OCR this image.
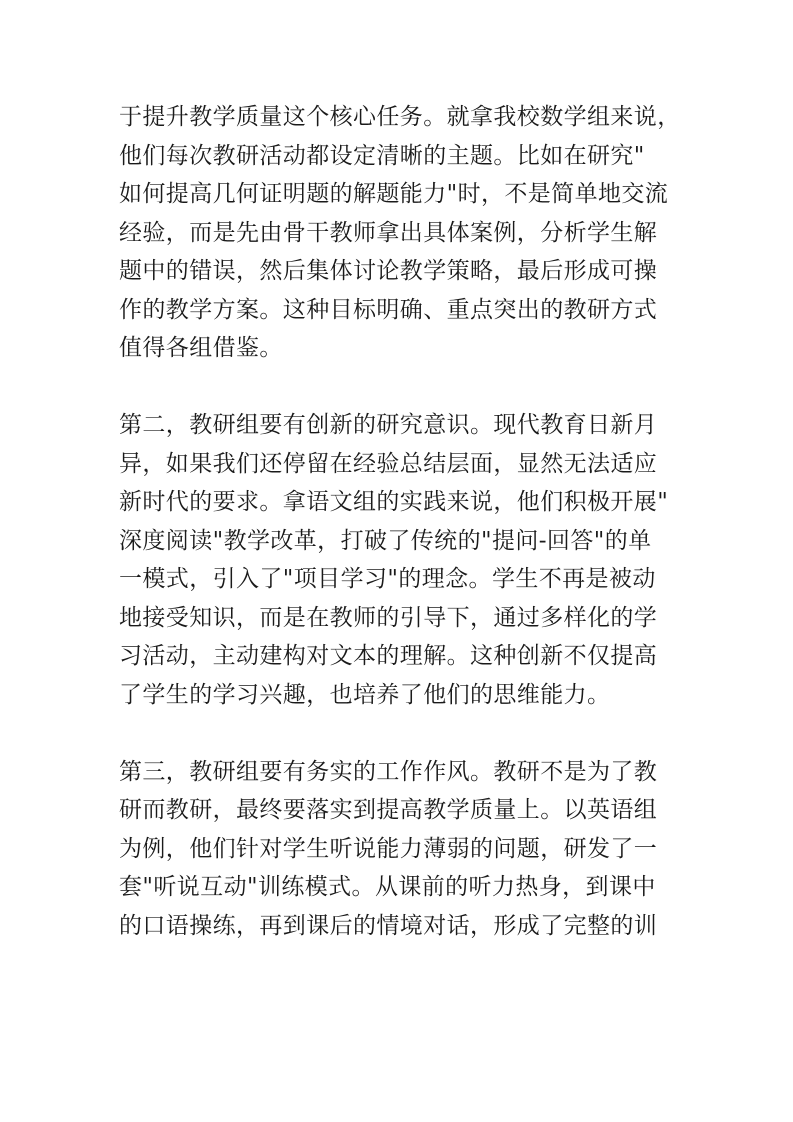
于提升教学质量这个核心任务。就拿我校数学组来说，
他们每次教研活动都设定清晰的主题。比如在研究"
如何提高几何证明题的解题能力"时，不是简单地交流
经验，而是先由骨干教师拿出具体案例，分析学生解
题中的错误，然后集体讨论教学策略，最后形成可操
作的教学方案。这种目标明确、重点突出的教研方式
值得各组借鉴。
第二，教研组要有创新的研究意识。现代教育日新月
异，如果我们还停留在经验总结层面，显然无法适应
新时代的要求。拿语文组的实践来说，他们积极开展"
深度阅读"教学改革，打破了传统的"提问-回答"的单
一模式，引入了"项目学习"的理念。学生不再是被动
地接受知识，而是在教师的引导下，通过多样化的学
习活动，主动建构对文本的理解。这种创新不仅提高
了学生的学习兴趣，也培养了他们的思维能力。
第三，教研组要有务实的工作作风。教研不是为了教
研而教研，最终要落实到提高教学质量上。以英语组
为例，他们针对学生听说能力薄弱的问题，研发了一
套"听说互动"训练模式。从课前的听力热身，到课中
的口语操练，再到课后的情境对话，形成了完整的训
